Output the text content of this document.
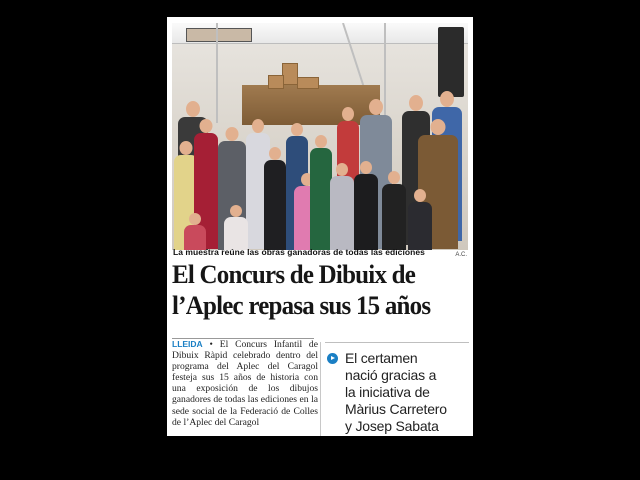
La muestra reúne las obras ganadoras de todas las ediciones	A.C.
El Concurs de Dibuix de
l’Aplec repasa sus 15 años
LLEIDA • El Concurs Infantil de Dibuix Ràpid celebrado dentro del programa del Aplec del Caragol festeja sus 15 años de historia con una exposición de los dibujos ganadores de todas las ediciones en la sede social de la Federació de Colles de l’Aplec del Caragol
El certamen
nació gracias a
la iniciativa de
Màrius Carretero
y Josep Sabata
